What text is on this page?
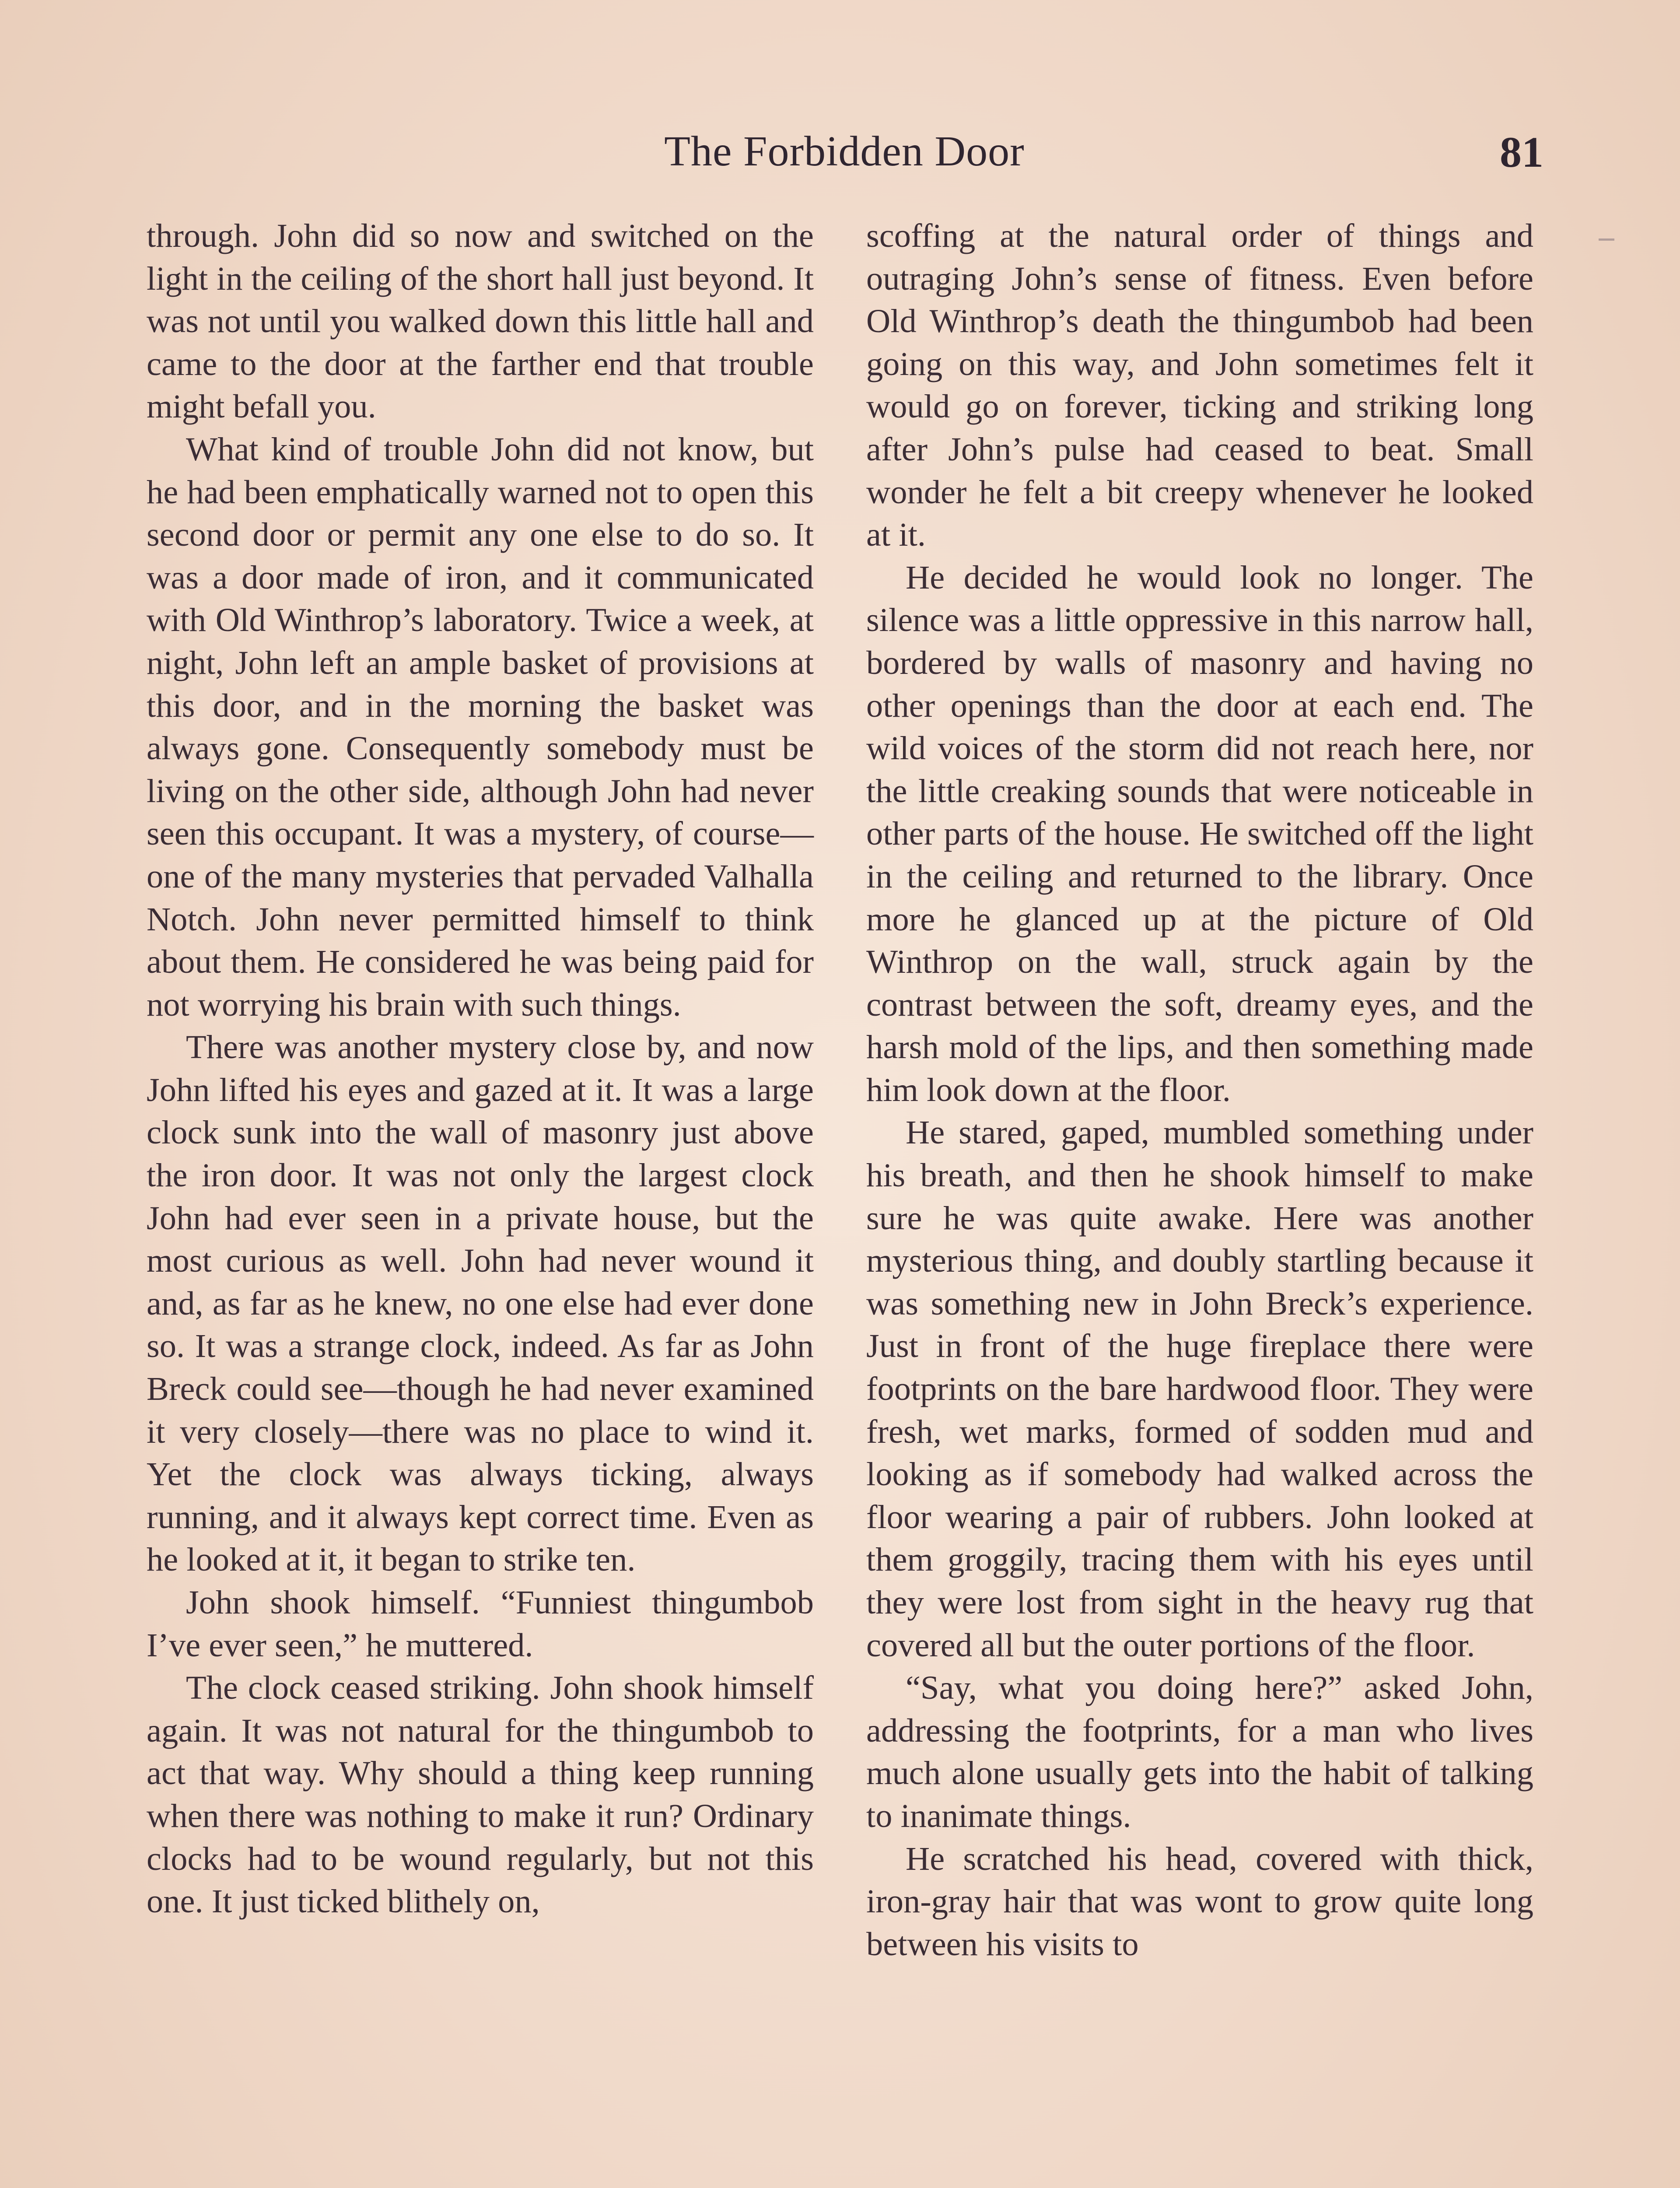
The Forbidden Door	81

through. John did so now and switched on the light in the ceiling of the short hall just beyond. It was not until you walked down this little hall and came to the door at the farther end that trouble might befall you.

What kind of trouble John did not know, but he had been emphatically warned not to open this second door or permit any one else to do so. It was a door made of iron, and it communicated with Old Winthrop’s laboratory. Twice a week, at night, John left an ample basket of provisions at this door, and in the morning the basket was always gone. Consequently somebody must be living on the other side, although John had never seen this occupant. It was a mystery, of course—one of the many mysteries that pervaded Valhalla Notch. John never permitted himself to think about them. He considered he was being paid for not worrying his brain with such things.

There was another mystery close by, and now John lifted his eyes and gazed at it. It was a large clock sunk into the wall of masonry just above the iron door. It was not only the largest clock John had ever seen in a private house, but the most curious as well. John had never wound it and, as far as he knew, no one else had ever done so. It was a strange clock, indeed. As far as John Breck could see—though he had never examined it very closely—there was no place to wind it. Yet the clock was always ticking, always running, and it always kept correct time. Even as he looked at it, it began to strike ten.

John shook himself. “Funniest thingumbob I’ve ever seen,” he muttered.

The clock ceased striking. John shook himself again. It was not natural for the thingumbob to act that way. Why should a thing keep running when there was nothing to make it run? Ordinary clocks had to be wound regularly, but not this one. It just ticked blithely on,

scoffing at the natural order of things and outraging John’s sense of fitness. Even before Old Winthrop’s death the thingumbob had been going on this way, and John sometimes felt it would go on forever, ticking and striking long after John’s pulse had ceased to beat. Small wonder he felt a bit creepy whenever he looked at it.

He decided he would look no longer. The silence was a little oppressive in this narrow hall, bordered by walls of masonry and having no other openings than the door at each end. The wild voices of the storm did not reach here, nor the little creaking sounds that were noticeable in other parts of the house. He switched off the light in the ceiling and returned to the library. Once more he glanced up at the picture of Old Winthrop on the wall, struck again by the contrast between the soft, dreamy eyes, and the harsh mold of the lips, and then something made him look down at the floor.

He stared, gaped, mumbled something under his breath, and then he shook himself to make sure he was quite awake. Here was another mysterious thing, and doubly startling because it was something new in John Breck’s experience. Just in front of the huge fireplace there were footprints on the bare hardwood floor. They were fresh, wet marks, formed of sodden mud and looking as if somebody had walked across the floor wearing a pair of rubbers. John looked at them groggily, tracing them with his eyes until they were lost from sight in the heavy rug that covered all but the outer portions of the floor.

“Say, what you doing here?” asked John, addressing the footprints, for a man who lives much alone usually gets into the habit of talking to inanimate things.

He scratched his head, covered with thick, iron-gray hair that was wont to grow quite long between his visits to
